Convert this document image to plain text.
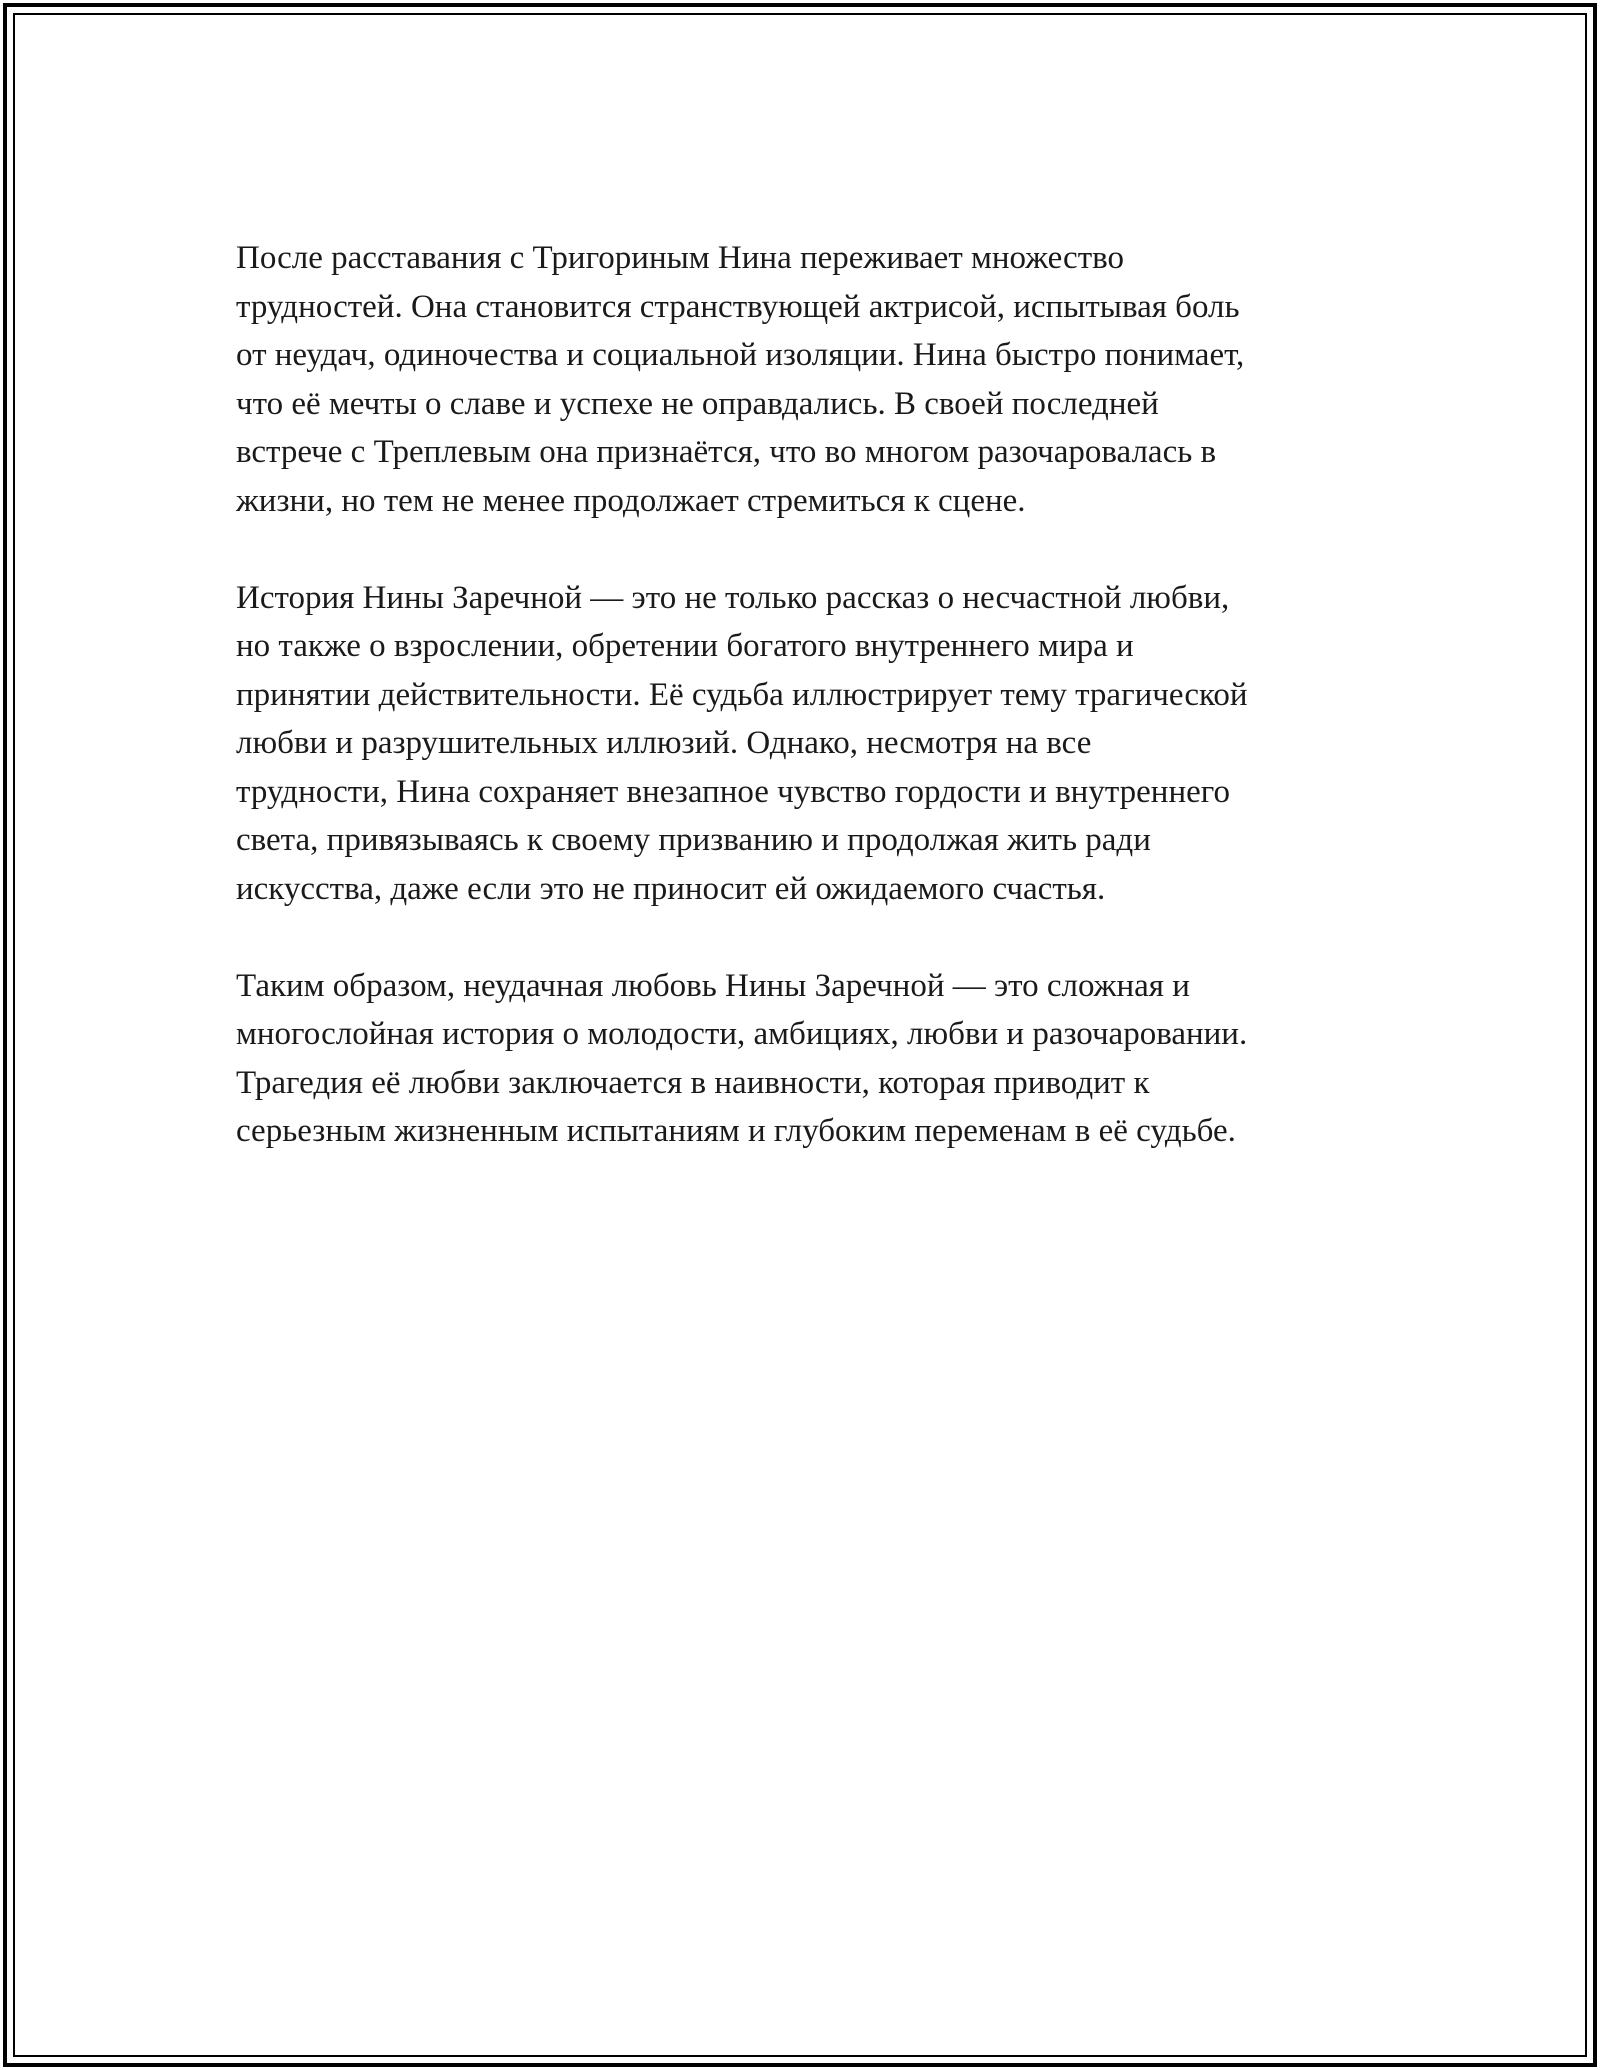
После расставания с Тригориным Нина переживает множество
трудностей. Она становится странствующей актрисой, испытывая боль
от неудач, одиночества и социальной изоляции. Нина быстро понимает,
что её мечты о славе и успехе не оправдались. В своей последней
встрече с Треплевым она признаётся, что во многом разочаровалась в
жизни, но тем не менее продолжает стремиться к сцене.

История Нины Заречной — это не только рассказ о несчастной любви,
но также о взрослении, обретении богатого внутреннего мира и
принятии действительности. Её судьба иллюстрирует тему трагической
любви и разрушительных иллюзий. Однако, несмотря на все
трудности, Нина сохраняет внезапное чувство гордости и внутреннего
света, привязываясь к своему призванию и продолжая жить ради
искусства, даже если это не приносит ей ожидаемого счастья.

Таким образом, неудачная любовь Нины Заречной — это сложная и
многослойная история о молодости, амбициях, любви и разочаровании.
Трагедия её любви заключается в наивности, которая приводит к
серьезным жизненным испытаниям и глубоким переменам в её судьбе.
